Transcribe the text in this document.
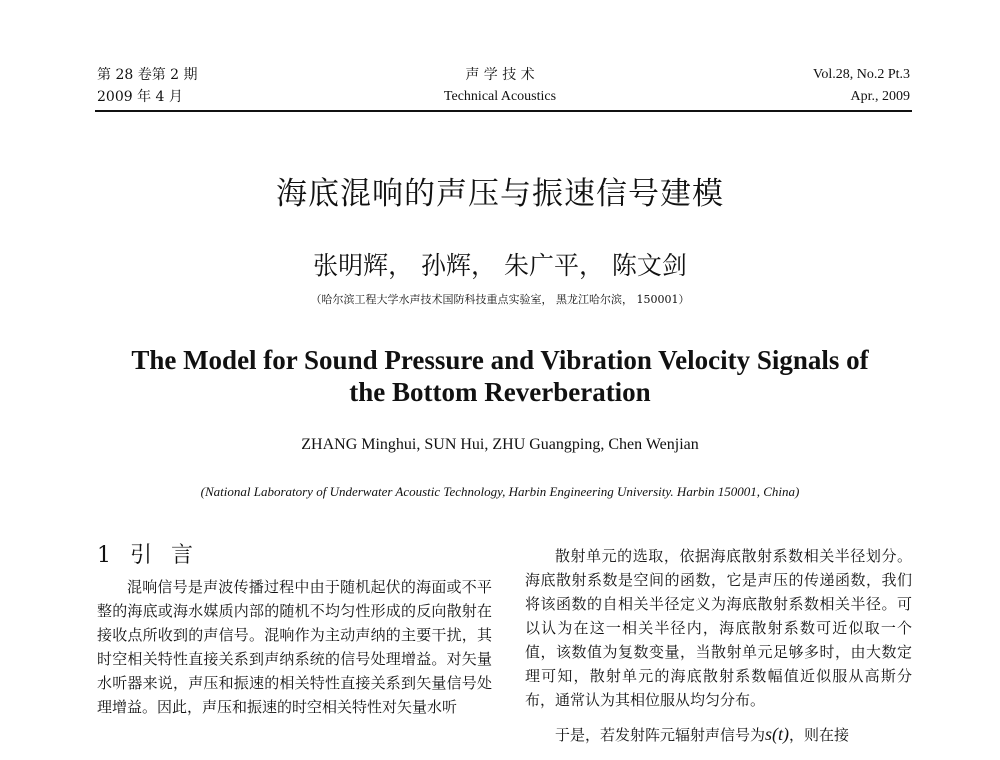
第 28 卷第 2 期
2009 年 4 月
声 学 技 术
Technical Acoustics
Vol.28, No.2 Pt.3
Apr., 2009
海底混响的声压与振速信号建模
张明辉， 孙辉， 朱广平， 陈文剑
（哈尔滨工程大学水声技术国防科技重点实验室， 黑龙江哈尔滨， 150001）
The Model for Sound Pressure and Vibration Velocity Signals of the Bottom Reverberation
ZHANG Minghui, SUN Hui, ZHU Guangping, Chen Wenjian
(National Laboratory of Underwater Acoustic Technology, Harbin Engineering University. Harbin 150001, China)
1 引 言

混响信号是声波传播过程中由于随机起伏的海面或不平整的海底或海水媒质内部的随机不均匀性形成的反向散射在接收点所收到的声信号。混响作为主动声纳的主要干扰，其时空相关特性直接关系到声纳系统的信号处理增益。对矢量水听器来说，声压和振速的相关特性直接关系到矢量信号处理增益。因此，声压和振速的时空相关特性对矢量水听

散射单元的选取，依据海底散射系数相关半径划分。海底散射系数是空间的函数，它是声压的传递函数，我们将该函数的自相关半径定义为海底散射系数相关半径。可以认为在这一相关半径内，海底散射系数可近似取一个值，该数值为复数变量，当散射单元足够多时，由大数定理可知，散射单元的海底散射系数幅值近似服从高斯分布，通常认为其相位服从均匀分布。

于是，若发射阵元辐射声信号为s(t)，则在接
